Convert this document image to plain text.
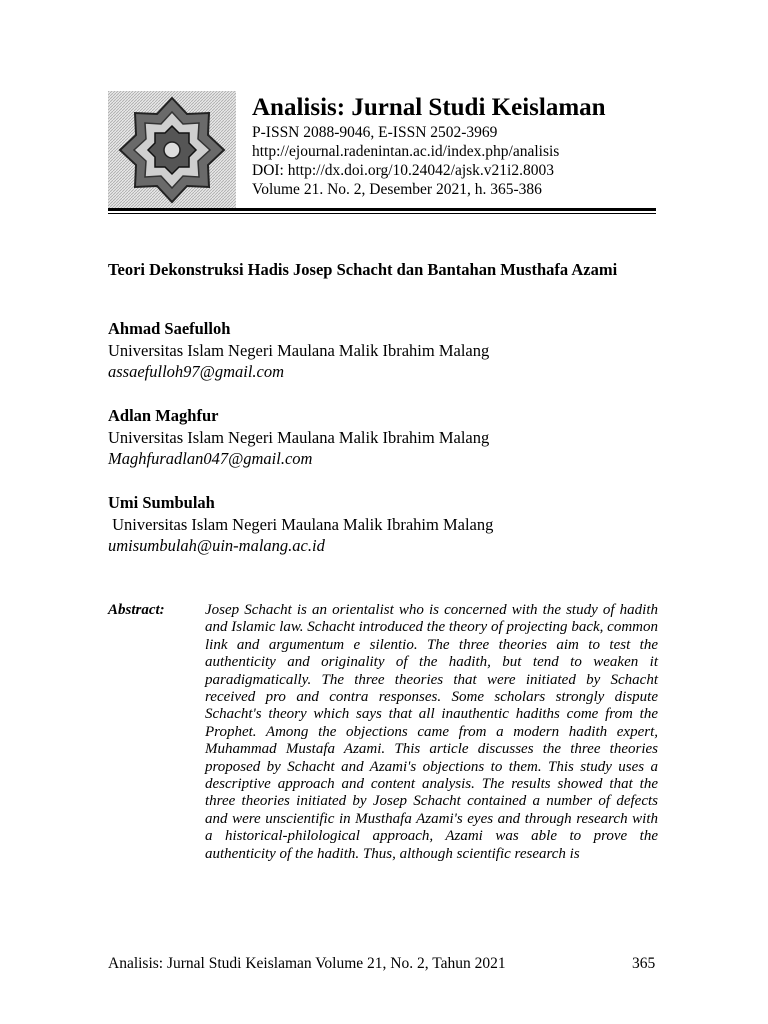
Analisis: Jurnal Studi Keislaman
P-ISSN 2088-9046, E-ISSN 2502-3969
http://ejournal.radenintan.ac.id/index.php/analisis
DOI: http://dx.doi.org/10.24042/ajsk.v21i2.8003
Volume 21. No. 2, Desember 2021, h. 365-386
Teori Dekonstruksi Hadis Josep Schacht dan Bantahan Musthafa Azami
Ahmad Saefulloh
Universitas Islam Negeri Maulana Malik Ibrahim Malang
assaefulloh97@gmail.com
Adlan Maghfur
Universitas Islam Negeri Maulana Malik Ibrahim Malang
Maghfuradlan047@gmail.com
Umi Sumbulah
Universitas Islam Negeri Maulana Malik Ibrahim Malang
umisumbulah@uin-malang.ac.id
Abstract:	Josep Schacht is an orientalist who is concerned with the study of hadith and Islamic law. Schacht introduced the theory of projecting back, common link and argumentum e silentio. The three theories aim to test the authenticity and originality of the hadith, but tend to weaken it paradigmatically. The three theories that were initiated by Schacht received pro and contra responses. Some scholars strongly dispute Schacht's theory which says that all inauthentic hadiths come from the Prophet. Among the objections came from a modern hadith expert, Muhammad Mustafa Azami. This article discusses the three theories proposed by Schacht and Azami's objections to them. This study uses a descriptive approach and content analysis. The results showed that the three theories initiated by Josep Schacht contained a number of defects and were unscientific in Musthafa Azami's eyes and through research with a historical-philological approach, Azami was able to prove the authenticity of the hadith. Thus, although scientific research is
Analisis: Jurnal Studi Keislaman Volume 21, No. 2, Tahun 2021	365
